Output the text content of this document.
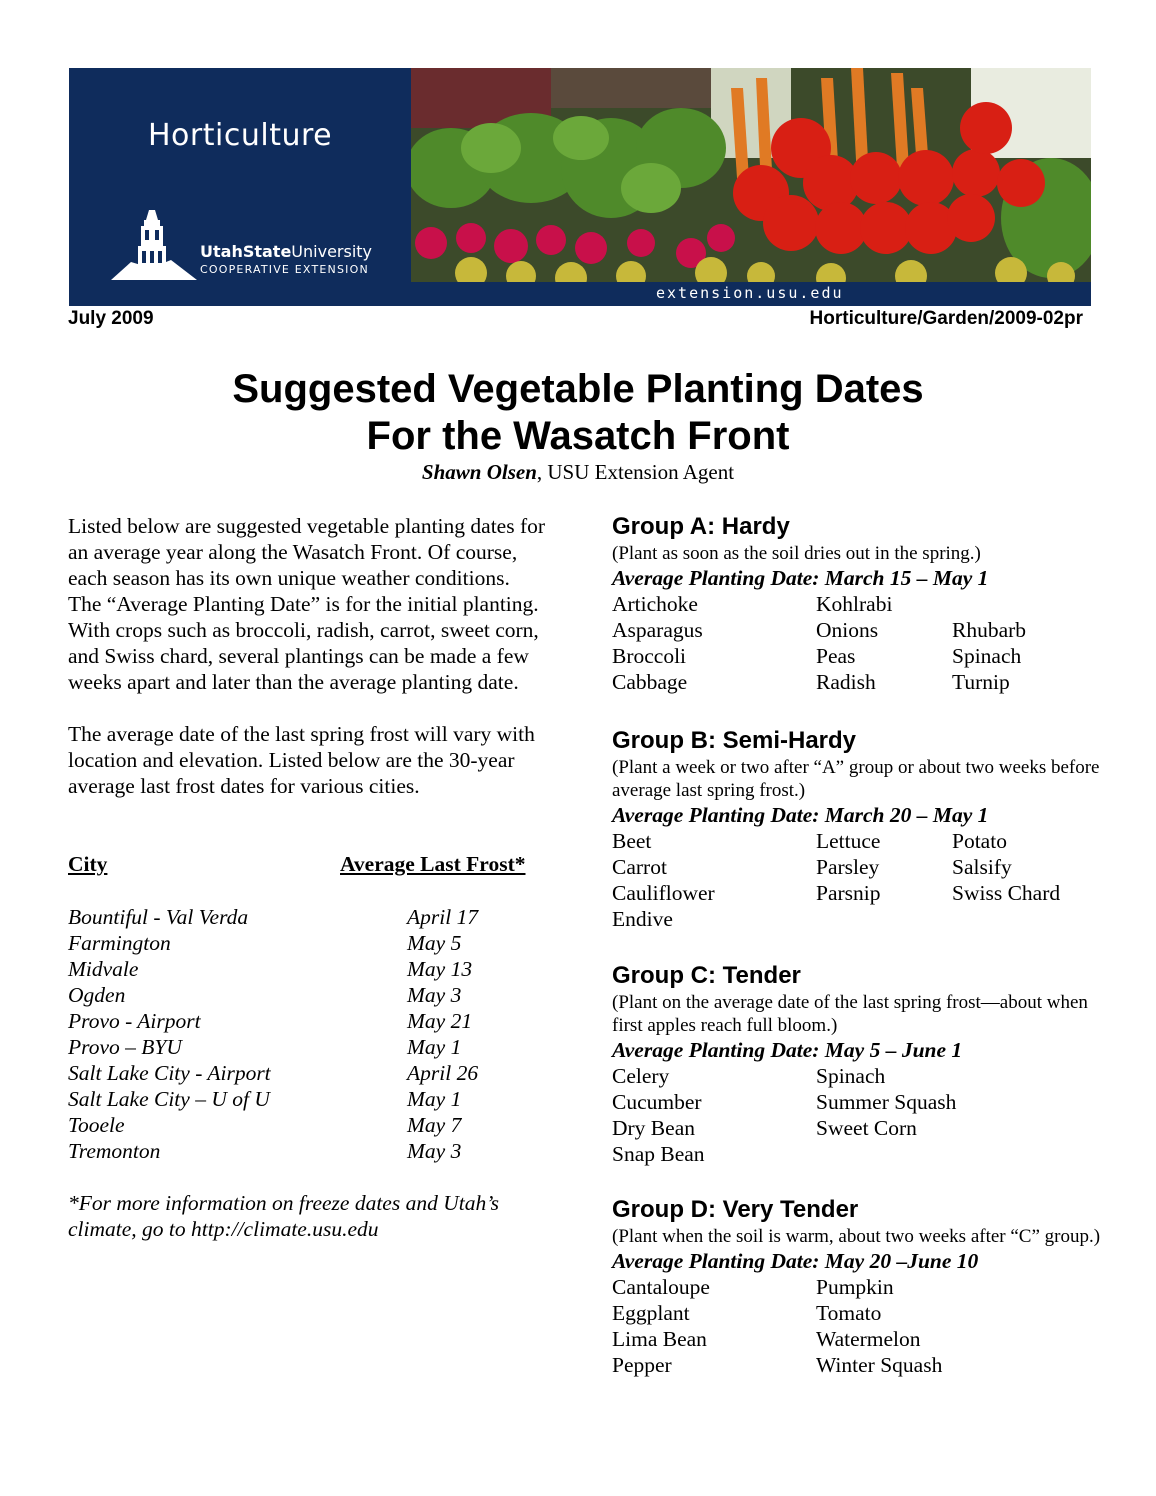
Horticulture
UtahStateUniversity
COOPERATIVE EXTENSION
extension.usu.edu
July 2009	Horticulture/Garden/2009-02pr
Suggested Vegetable Planting Dates
For the Wasatch Front
Shawn Olsen, USU Extension Agent

Listed below are suggested vegetable planting dates for an average year along the Wasatch Front. Of course, each season has its own unique weather conditions. The “Average Planting Date” is for the initial planting. With crops such as broccoli, radish, carrot, sweet corn, and Swiss chard, several plantings can be made a few weeks apart and later than the average planting date.

The average date of the last spring frost will vary with location and elevation. Listed below are the 30-year average last frost dates for various cities.

City	Average Last Frost*
Bountiful - Val Verda	April 17
Farmington	May 5
Midvale	May 13
Ogden	May 3
Provo - Airport	May 21
Provo – BYU	May 1
Salt Lake City - Airport	April 26
Salt Lake City – U of U	May 1
Tooele	May 7
Tremonton	May 3
*For more information on freeze dates and Utah’s climate, go to http://climate.usu.edu
Group A: Hardy
(Plant as soon as the soil dries out in the spring.)
Average Planting Date: March 15 – May 1
Artichoke	Kohlrabi
Asparagus	Onions	Rhubarb
Broccoli	Peas	Spinach
Cabbage	Radish	Turnip
Group B: Semi-Hardy
(Plant a week or two after “A” group or about two weeks before average last spring frost.)
Average Planting Date: March 20 – May 1
Beet	Lettuce	Potato
Carrot	Parsley	Salsify
Cauliflower	Parsnip	Swiss Chard
Endive
Group C: Tender
(Plant on the average date of the last spring frost—about when first apples reach full bloom.)
Average Planting Date: May 5 – June 1
Celery	Spinach
Cucumber	Summer Squash
Dry Bean	Sweet Corn
Snap Bean
Group D: Very Tender
(Plant when the soil is warm, about two weeks after “C” group.)
Average Planting Date: May 20 –June 10
Cantaloupe	Pumpkin
Eggplant	Tomato
Lima Bean	Watermelon
Pepper	Winter Squash
